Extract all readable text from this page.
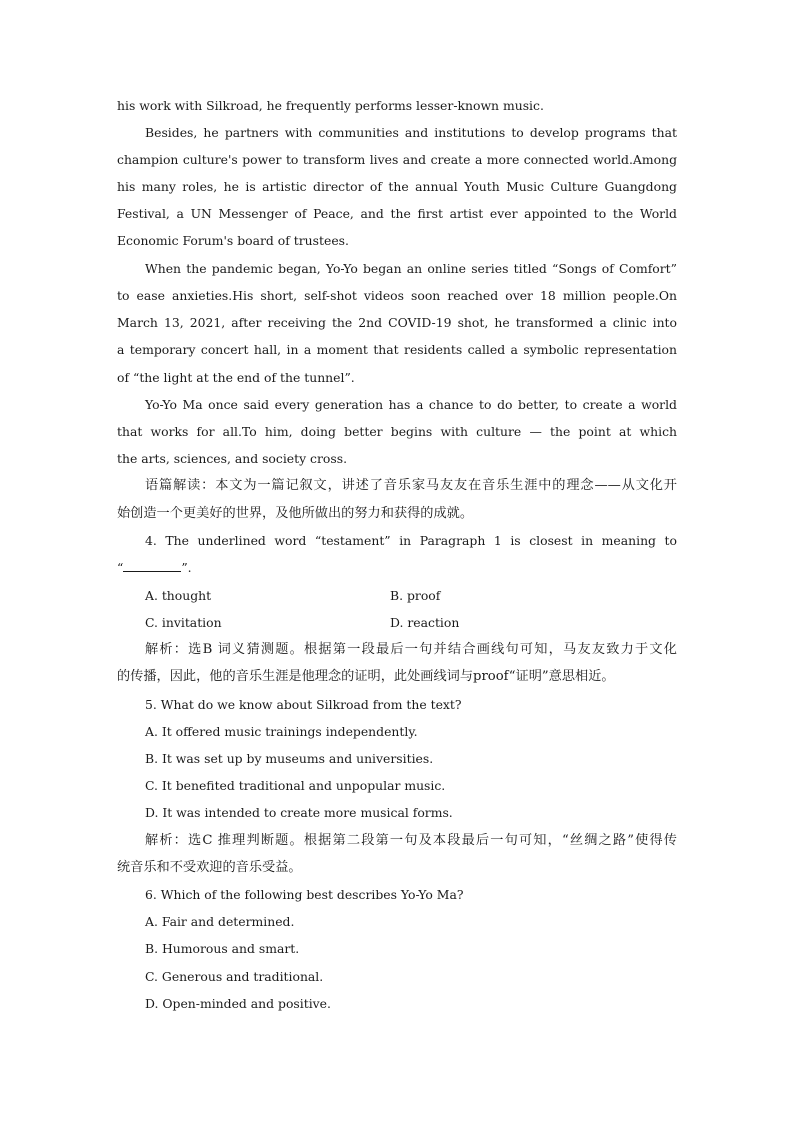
his work with Silkroad, he frequently performs lesser-known music.
Besides, he partners with communities and institutions to develop programs that
champion culture's power to transform lives and create a more connected world.Among
his many roles, he is artistic director of the annual Youth Music Culture Guangdong
Festival, a UN Messenger of Peace, and the first artist ever appointed to the World
Economic Forum's board of trustees.
When the pandemic began, Yo-Yo began an online series titled “Songs of Comfort”
to ease anxieties.His short, self-shot videos soon reached over 18 million people.On
March 13, 2021, after receiving the 2nd COVID-19 shot, he transformed a clinic into
a temporary concert hall, in a moment that residents called a symbolic representation
of “the light at the end of the tunnel”.
Yo-Yo Ma once said every generation has a chance to do better, to create a world
that works for all.To him, doing better begins with culture — the point at which
the arts, sciences, and society cross.
语篇解读：本文为一篇记叙文，讲述了音乐家马友友在音乐生涯中的理念——从文化开
始创造一个更美好的世界，及他所做出的努力和获得的成就。
4. The underlined word “testament” in Paragraph 1 is closest in meaning to
“	”.
A. thought	B. proof
C. invitation	D. reaction
解析：选B 词义猜测题。根据第一段最后一句并结合画线句可知，马友友致力于文化
的传播，因此，他的音乐生涯是他理念的证明，此处画线词与proof“证明”意思相近。
5. What do we know about Silkroad from the text?
A. It offered music trainings independently.
B. It was set up by museums and universities.
C. It benefited traditional and unpopular music.
D. It was intended to create more musical forms.
解析：选C 推理判断题。根据第二段第一句及本段最后一句可知，“丝绸之路”使得传
统音乐和不受欢迎的音乐受益。
6. Which of the following best describes Yo-Yo Ma?
A. Fair and determined.
B. Humorous and smart.
C. Generous and traditional.
D. Open-minded and positive.
